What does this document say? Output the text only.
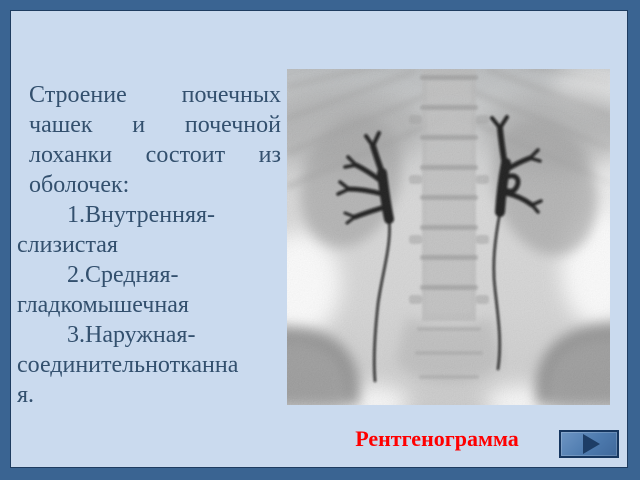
Строение почечных
чашек и почечной
лоханки состоит из
оболочек:
1.Внутренняя-
слизистая
2.Средняя-
гладкомышечная
3.Наружная-
соединительнотканна
я.
Рентгенограмма
